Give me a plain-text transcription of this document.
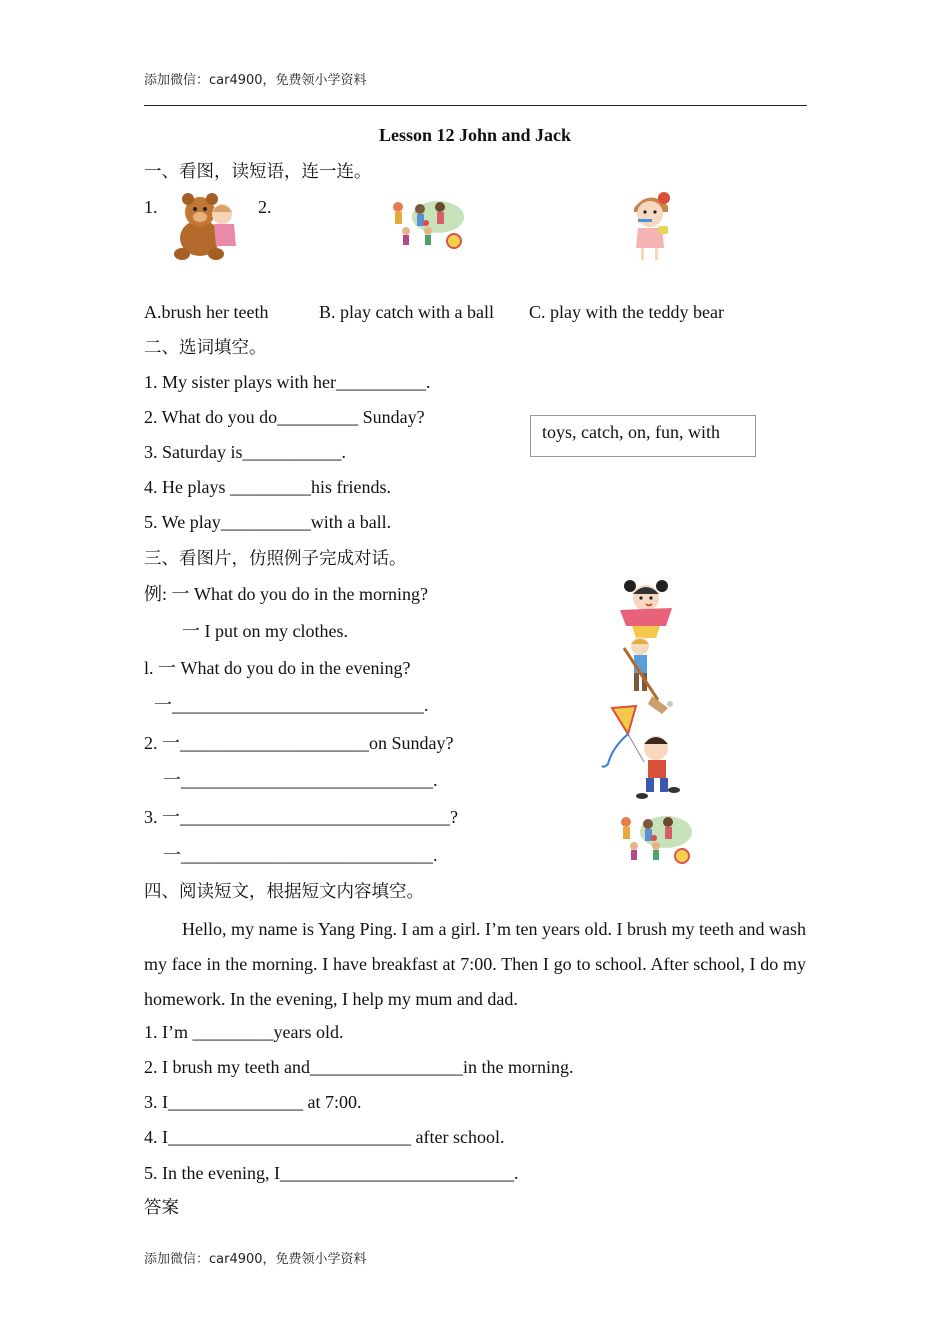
添加微信：car4900，免费领小学资料
Lesson 12 John and Jack
一、看图，读短语，连一连。
1.	2.
A.brush her teeth	B. play catch with a ball C. play with the teddy bear
二、选词填空。
1. My sister plays with her__________.
2. What do you do_________ Sunday?
3. Saturday is___________.
4. He plays _________his friends.
5. We play__________with a ball.
toys, catch, on, fun, with
三、看图片，仿照例子完成对话。
例: 一 What do you do in the morning?
一 I put on my clothes.
l. 一 What do you do in the evening?
一____________________________.
2. 一_____________________on Sunday?
一____________________________.
3. 一______________________________?
一____________________________.
四、阅读短文，根据短文内容填空。
Hello, my name is Yang Ping. I am a girl. I’m ten years old. I brush my teeth and wash my face in the morning. I have breakfast at 7:00. Then I go to school. After school, I do my homework. In the evening, I help my mum and dad.
1. I’m _________years old.
2. I brush my teeth and_________________in the morning.
3. I_______________ at 7:00.
4. I___________________________ after school.
5. In the evening, I__________________________.
答案
添加微信：car4900，免费领小学资料
